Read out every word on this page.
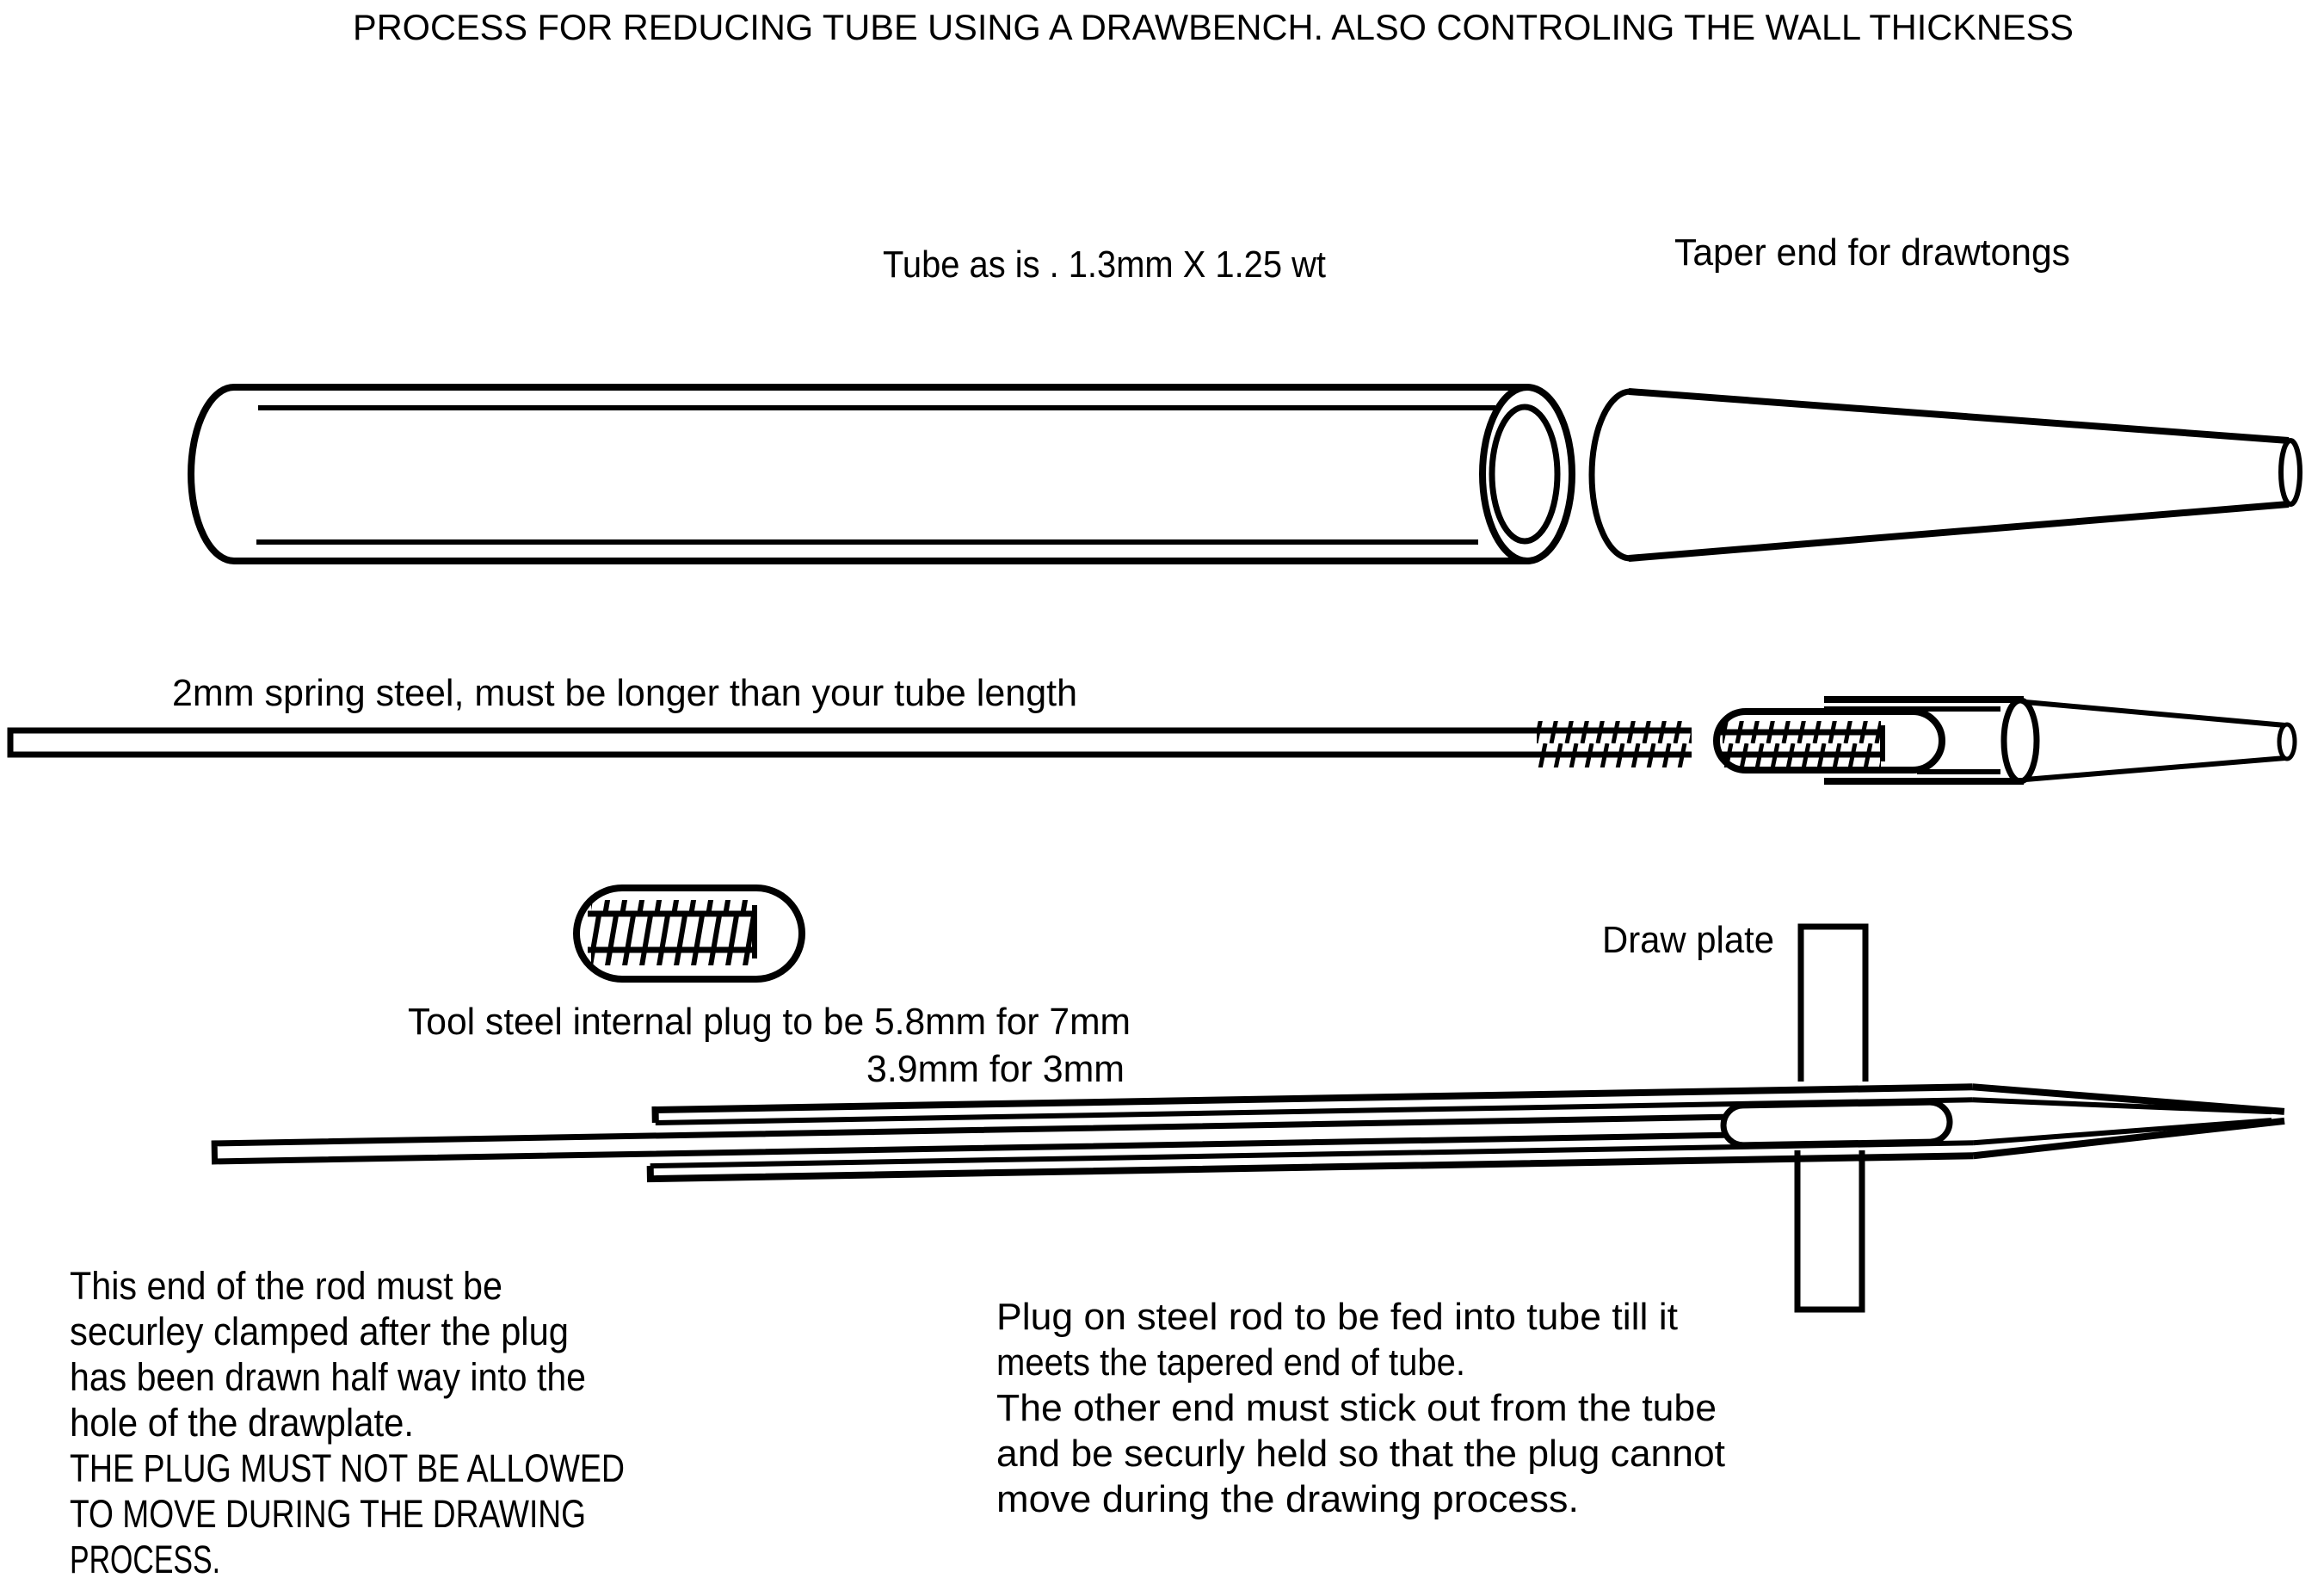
PROCESS FOR REDUCING TUBE USING A DRAWBENCH. ALSO CONTROLING THE WALL THICKNESS
Tube as is . 1.3mm X 1.25 wt	Taper end for drawtongs
2mm spring steel, must be longer than your tube length
Tool steel internal plug to be 5.8mm for 7mm
3.9mm for 3mm
Draw plate
This end of the rod must be
securley clamped after the plug
has been drawn half way into the
hole of the drawplate.
THE PLUG MUST NOT BE ALLOWED
TO MOVE DURING THE DRAWING
PROCESS.
Plug on steel rod to be fed into tube till it
meets the tapered end of tube.
The other end must stick out from the tube
and be securly held so that the plug cannot
move during the drawing process.
